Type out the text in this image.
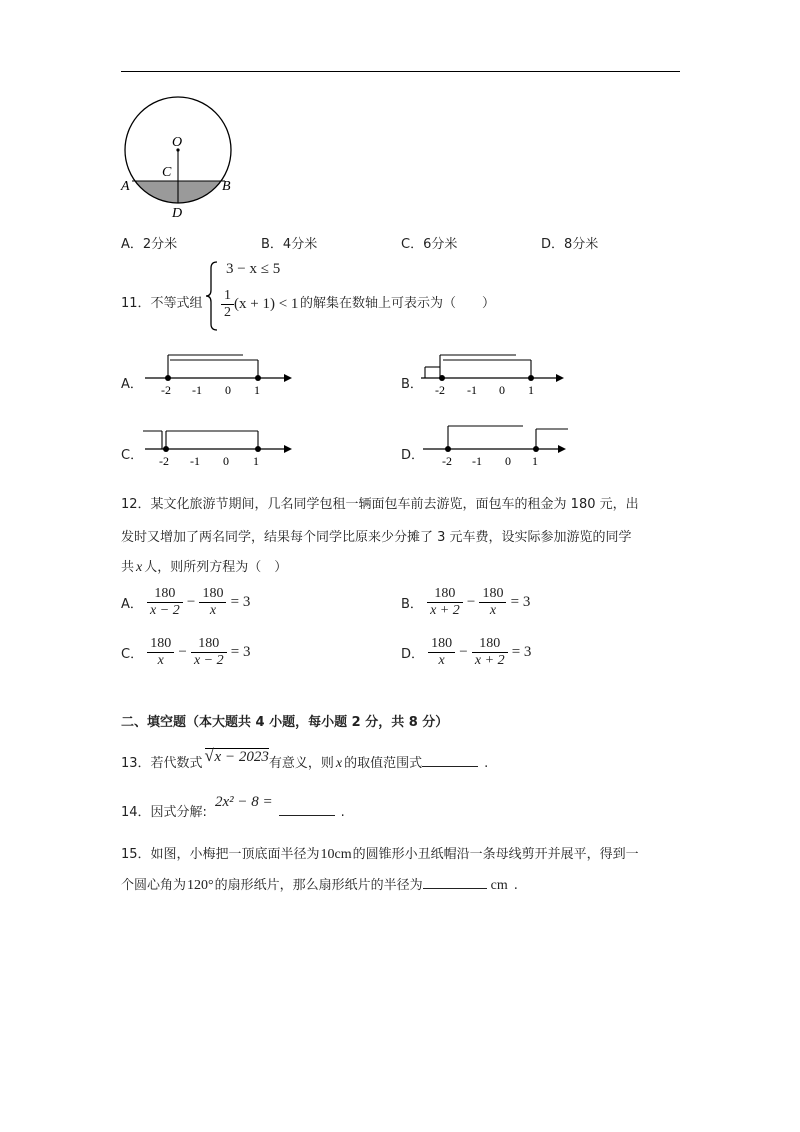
O
C
A	B
D
A．2分米	B．4分米	C．6分米	D．8分米
11．不等式组
3 − x ≤ 5
$\frac{1}{2} (x + 1) < 1$ 的解集在数轴上可表示为（　　）
A． -2 -1 0 1	B． -2 -1 0 1
C． -2 -1 0 1	D． -2 -1 0 1
12．某文化旅游节期间，几名同学包租一辆面包车前去游览，面包车的租金为 180 元，出
发时又增加了两名同学，结果每个同学比原来少分摊了 3 元车费，设实际参加游览的同学
共 x 人，则所列方程为（　）
A． $\frac{180}{x - 2} - \frac{180}{x} = 3$	B． $\frac{180}{x + 2} - \frac{180}{x} = 3$
C． $\frac{180}{x} - \frac{180}{x - 2} = 3$	D． $\frac{180}{x} - \frac{180}{x + 2} = 3$
二、填空题（本大题共 4 小题，每小题 2 分，共 8 分）
13．若代数式 √ x − 2023有意义，则 x 的取值范围式	.
14．因式分解:2x² − 8 =.
15．如图，小梅把一顶底面半径为10cm的圆锥形小丑纸帽沿一条母线剪开并展平，得到一
个圆心角为120°的扇形纸片，那么扇形纸片的半径为	cm .
